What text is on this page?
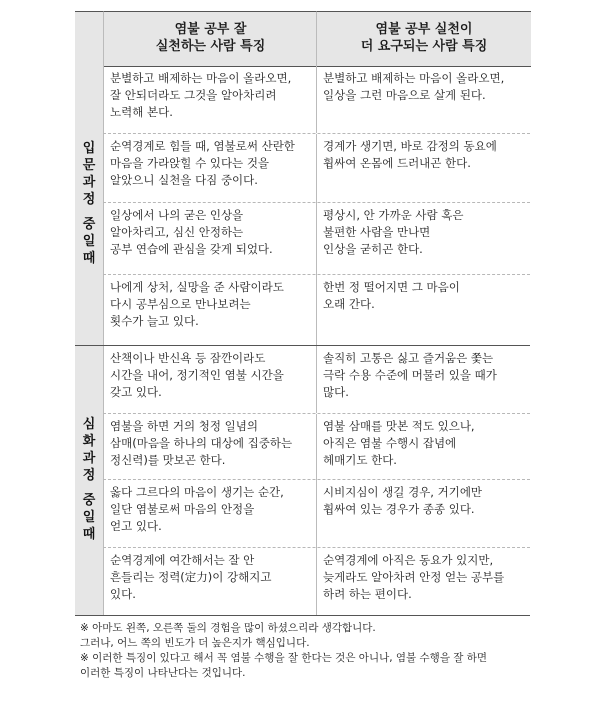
염불 공부 잘
실천하는 사람 특징
염불 공부 실천이
더 요구되는 사람 특징
입
문
과
정
중
일
때
분별하고 배제하는 마음이 올라오면,
잘 안되더라도 그것을 알아차리려
노력해 본다.
분별하고 배제하는 마음이 올라오면,
일상을 그런 마음으로 살게 된다.
순역경계로 힘들 때, 염불로써 산란한
마음을 가라앉힐 수 있다는 것을
알았으니 실천을 다짐 중이다.
경계가 생기면, 바로 감정의 동요에
휩싸여 온몸에 드러내곤 한다.
일상에서 나의 굳은 인상을
알아차리고, 심신 안정하는
공부 연습에 관심을 갖게 되었다.
평상시, 안 가까운 사람 혹은
불편한 사람을 만나면
인상을 굳히곤 한다.
나에게 상처, 실망을 준 사람이라도
다시 공부심으로 만나보려는
횟수가 늘고 있다.
한번 정 떨어지면 그 마음이
오래 간다.
심
화
과
정
중
일
때
산책이나 반신욕 등 잠깐이라도
시간을 내어, 정기적인 염불 시간을
갖고 있다.
솔직히 고통은 싫고 즐거움은 쫓는
극락 수용 수준에 머물러 있을 때가
많다.
염불을 하면 거의 청정 일념의
삼매(마음을 하나의 대상에 집중하는
정신력)를 맛보곤 한다.
염불 삼매를 맛본 적도 있으나,
아직은 염불 수행시 잡념에
헤매기도 한다.
옳다 그르다의 마음이 생기는 순간,
일단 염불로써 마음의 안정을
얻고 있다.
시비지심이 생길 경우, 거기에만
휩싸여 있는 경우가 종종 있다.
순역경계에 여간해서는 잘 안
흔들리는 정력(定力)이 강해지고
있다.
순역경계에 아직은 동요가 있지만,
늦게라도 알아차려 안정 얻는 공부를
하려 하는 편이다.
※ 아마도 왼쪽, 오른쪽 둘의 경험을 많이 하셨으리라 생각합니다.
그러나, 어느 쪽의 빈도가 더 높은지가 핵심입니다.
※ 이러한 특징이 있다고 해서 꼭 염불 수행을 잘 한다는 것은 아니나, 염불 수행을 잘 하면
이러한 특징이 나타난다는 것입니다.
